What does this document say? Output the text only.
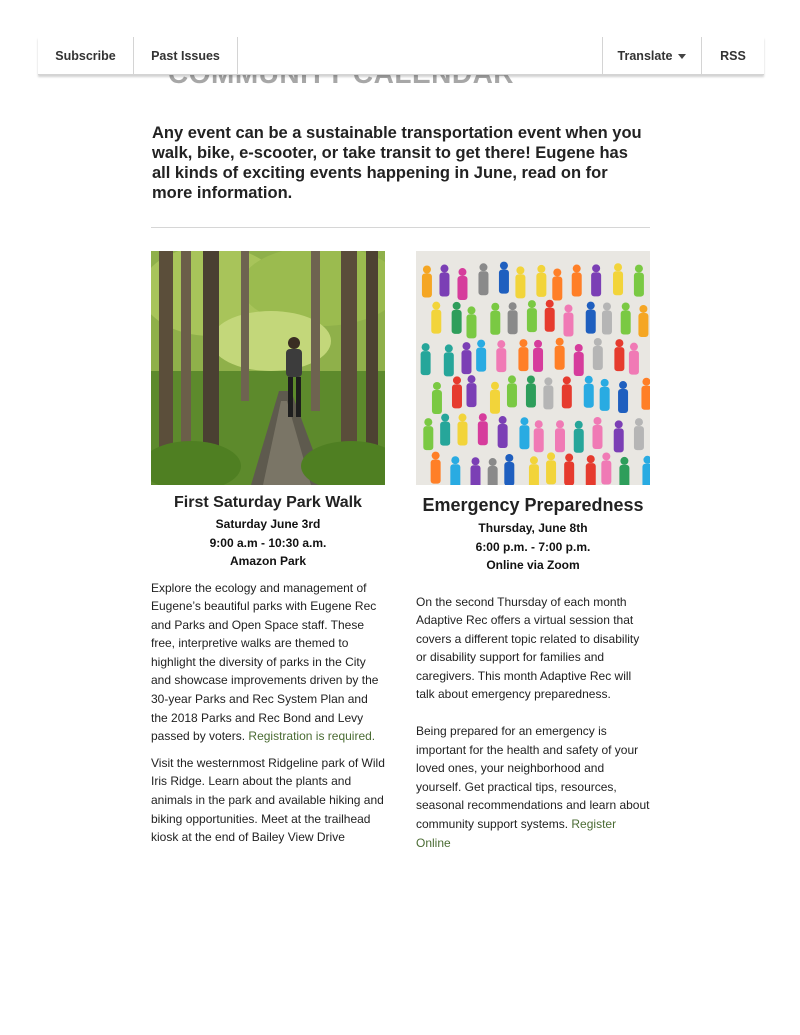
Subscribe	Past Issues	Translate	RSS

Any event can be a sustainable transportation event when you walk, bike, e-scooter, or take transit to get there! Eugene has all kinds of exciting events happening in June, read on for more information.

First Saturday Park Walk
Saturday June 3rd
9:00 a.m - 10:30 a.m.
Amazon Park

Explore the ecology and management of Eugene’s beautiful parks with Eugene Rec and Parks and Open Space staff. These free, interpretive walks are themed to highlight the diversity of parks in the City and showcase improvements driven by the 30-year Parks and Rec System Plan and the 2018 Parks and Rec Bond and Levy passed by voters. Registration is required.

Visit the westernmost Ridgeline park of Wild Iris Ridge. Learn about the plants and animals in the park and available hiking and biking opportunities. Meet at the trailhead kiosk at the end of Bailey View Drive

Emergency Preparedness
Thursday, June 8th
6:00 p.m. - 7:00 p.m.
Online via Zoom

On the second Thursday of each month Adaptive Rec offers a virtual session that covers a different topic related to disability or disability support for families and caregivers. This month Adaptive Rec will talk about emergency preparedness.

Being prepared for an emergency is important for the health and safety of your loved ones, your neighborhood and yourself. Get practical tips, resources, seasonal recommendations and learn about community support systems. Register Online
